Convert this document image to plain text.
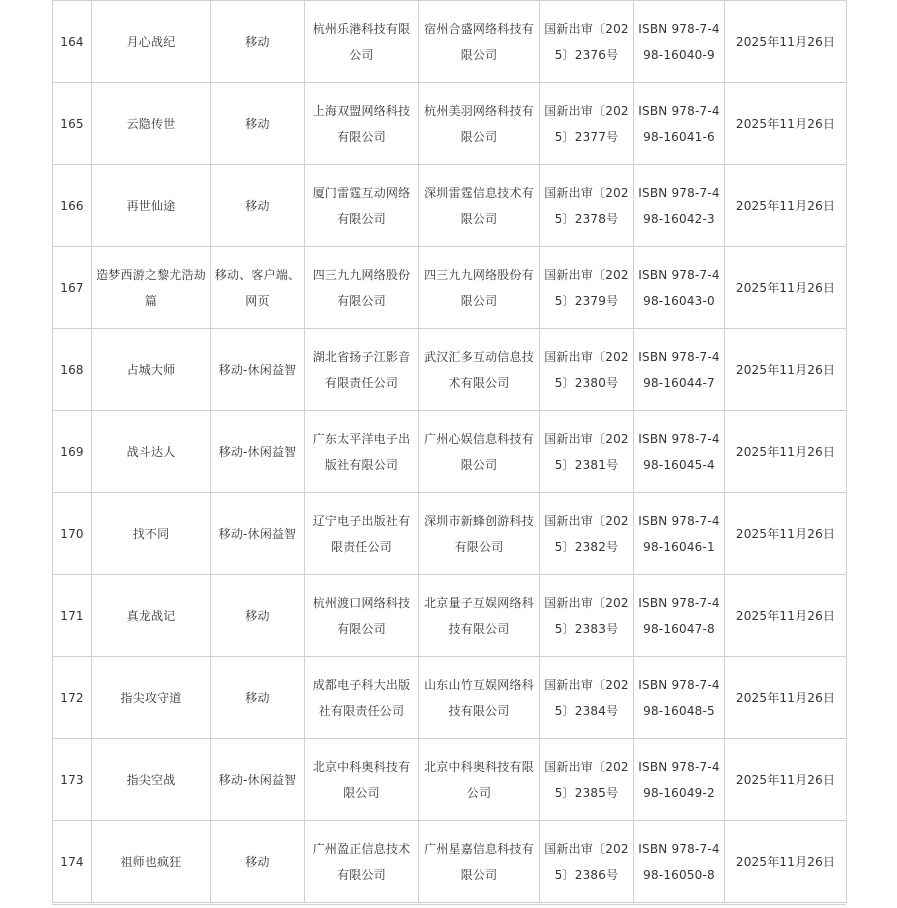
164	月心战纪	移动	杭州乐港科技有限公司	宿州合盛网络科技有限公司	国新出审〔2025〕2376号	ISBN 978-7-498-16040-9	2025年11月26日
165	云隐传世	移动	上海双盟网络科技有限公司	杭州美羽网络科技有限公司	国新出审〔2025〕2377号	ISBN 978-7-498-16041-6	2025年11月26日
166	再世仙途	移动	厦门雷霆互动网络有限公司	深圳雷霆信息技术有限公司	国新出审〔2025〕2378号	ISBN 978-7-498-16042-3	2025年11月26日
167	造梦西游之黎尤浩劫篇	移动、客户端、网页	四三九九网络股份有限公司	四三九九网络股份有限公司	国新出审〔2025〕2379号	ISBN 978-7-498-16043-0	2025年11月26日
168	占城大师	移动-休闲益智	湖北省扬子江影音有限责任公司	武汉汇多互动信息技术有限公司	国新出审〔2025〕2380号	ISBN 978-7-498-16044-7	2025年11月26日
169	战斗达人	移动-休闲益智	广东太平洋电子出版社有限公司	广州心娱信息科技有限公司	国新出审〔2025〕2381号	ISBN 978-7-498-16045-4	2025年11月26日
170	找不同	移动-休闲益智	辽宁电子出版社有限责任公司	深圳市新蜂创游科技有限公司	国新出审〔2025〕2382号	ISBN 978-7-498-16046-1	2025年11月26日
171	真龙战记	移动	杭州渡口网络科技有限公司	北京量子互娱网络科技有限公司	国新出审〔2025〕2383号	ISBN 978-7-498-16047-8	2025年11月26日
172	指尖攻守道	移动	成都电子科大出版社有限责任公司	山东山竹互娱网络科技有限公司	国新出审〔2025〕2384号	ISBN 978-7-498-16048-5	2025年11月26日
173	指尖空战	移动-休闲益智	北京中科奥科技有限公司	北京中科奥科技有限公司	国新出审〔2025〕2385号	ISBN 978-7-498-16049-2	2025年11月26日
174	祖师也疯狂	移动	广州盈正信息技术有限公司	广州星嘉信息科技有限公司	国新出审〔2025〕2386号	ISBN 978-7-498-16050-8	2025年11月26日
